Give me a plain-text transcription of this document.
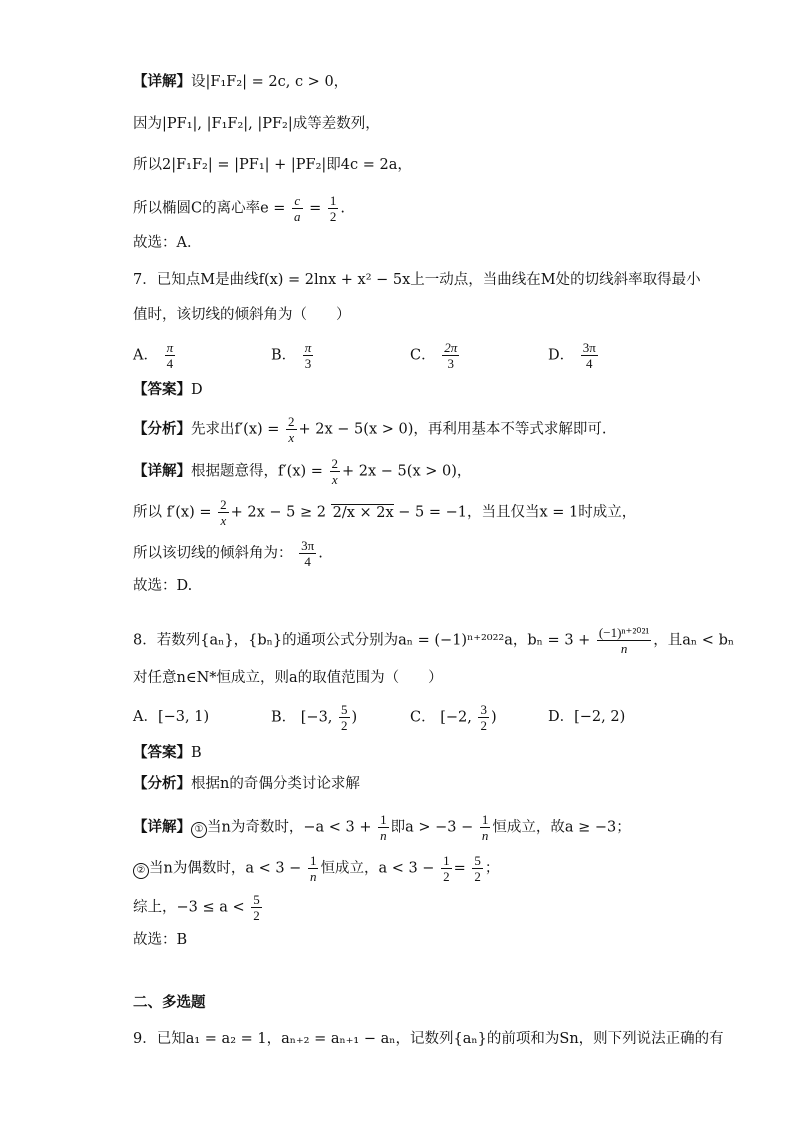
【详解】设|F₁F₂| = 2c, c > 0，
因为|PF₁|, |F₁F₂|, |PF₂|成等差数列，
所以2|F₁F₂| = |PF₁| + |PF₂|即4c = 2a，
所以椭圆C的离心率$e = \frac{c}{a} = \frac{1}{2}$ .
故选：A．
7．已知点M是曲线f(x) = 2lnx + x² − 5x上一动点，当曲线在M处的切线斜率取得最小
值时，该切线的倾斜角为（　　）
A． $\frac{\pi}{4}$	B． $\frac{\pi}{3}$	C． $\frac{2\pi}{3}$	D． $\frac{3\pi}{4}$
【答案】D
【分析】先求出$f'(x) = \frac{2}{x} + 2x - 5(x > 0)$，再利用基本不等式求解即可.
【详解】根据题意得，$f'(x) = \frac{2}{x} + 2x - 5(x > 0)$，
所以 $f'(x) = \frac{2}{x} + 2x - 5 \ge 2$ 2/x × 2x − 5 = −1，当且仅当x = 1时成立，
所以该切线的倾斜角为： $\frac{3\pi}{4}$ .
故选：D.
8．若数列{aₙ}，{bₙ}的通项公式分别为aₙ = (−1)ⁿ⁺²⁰²²a，$b_n = 3 + \frac{\text{(−1)ⁿ⁺²⁰²¹}}{n}$ ，且aₙ < bₙ
对任意n∈N*恒成立，则a的取值范围为（　　）
A．[−3, 1)	B． [−3, $\frac{5}{2}$ )	C． [−2, $\frac{3}{2}$ )	D．[−2, 2)
【答案】B
【分析】根据n的奇偶分类讨论求解
【详解】 ① 当n为奇数时，$-a < 3 + \frac{1}{n}$ 即$a > -3 - \frac{1}{n}$ 恒成立，故a ≥ −3；
② 当n为偶数时，$a < 3 - \frac{1}{n}$ 恒成立，$a < 3 - \frac{1}{2} = \frac{5}{2}$ ；
综上，$-3 \le a < \frac{5}{2}$
故选：B
二、多选题
9．已知a₁ = a₂ = 1，aₙ₊₂ = aₙ₊₁ − aₙ，记数列{aₙ}的前项和为Sn，则下列说法正确的有
